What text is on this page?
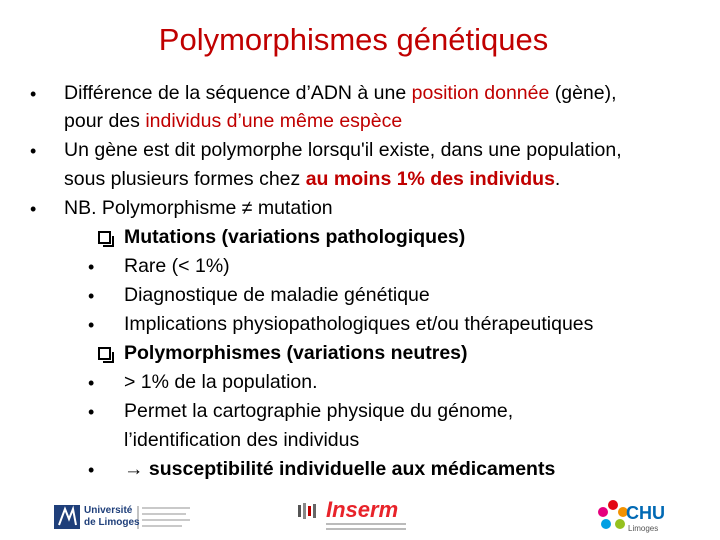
Polymorphismes génétiques
• Différence de la séquence d’ADN à une position donnée (gène),
pour des individus d’une même espèce
• Un gène est dit polymorphe lorsqu'il existe, dans une population,
sous plusieurs formes chez au moins 1% des individus.
• NB. Polymorphisme ≠ mutation
Mutations (variations pathologiques)
• Rare (< 1%)
• Diagnostique de maladie génétique
• Implications physiopathologiques et/ou thérapeutiques
Polymorphismes (variations neutres)
• > 1% de la population.
• Permet la cartographie physique du génome,
l’identification des individus
• → susceptibilité individuelle aux médicaments
Université
de Limoges
Inserm	CHU
Limoges
